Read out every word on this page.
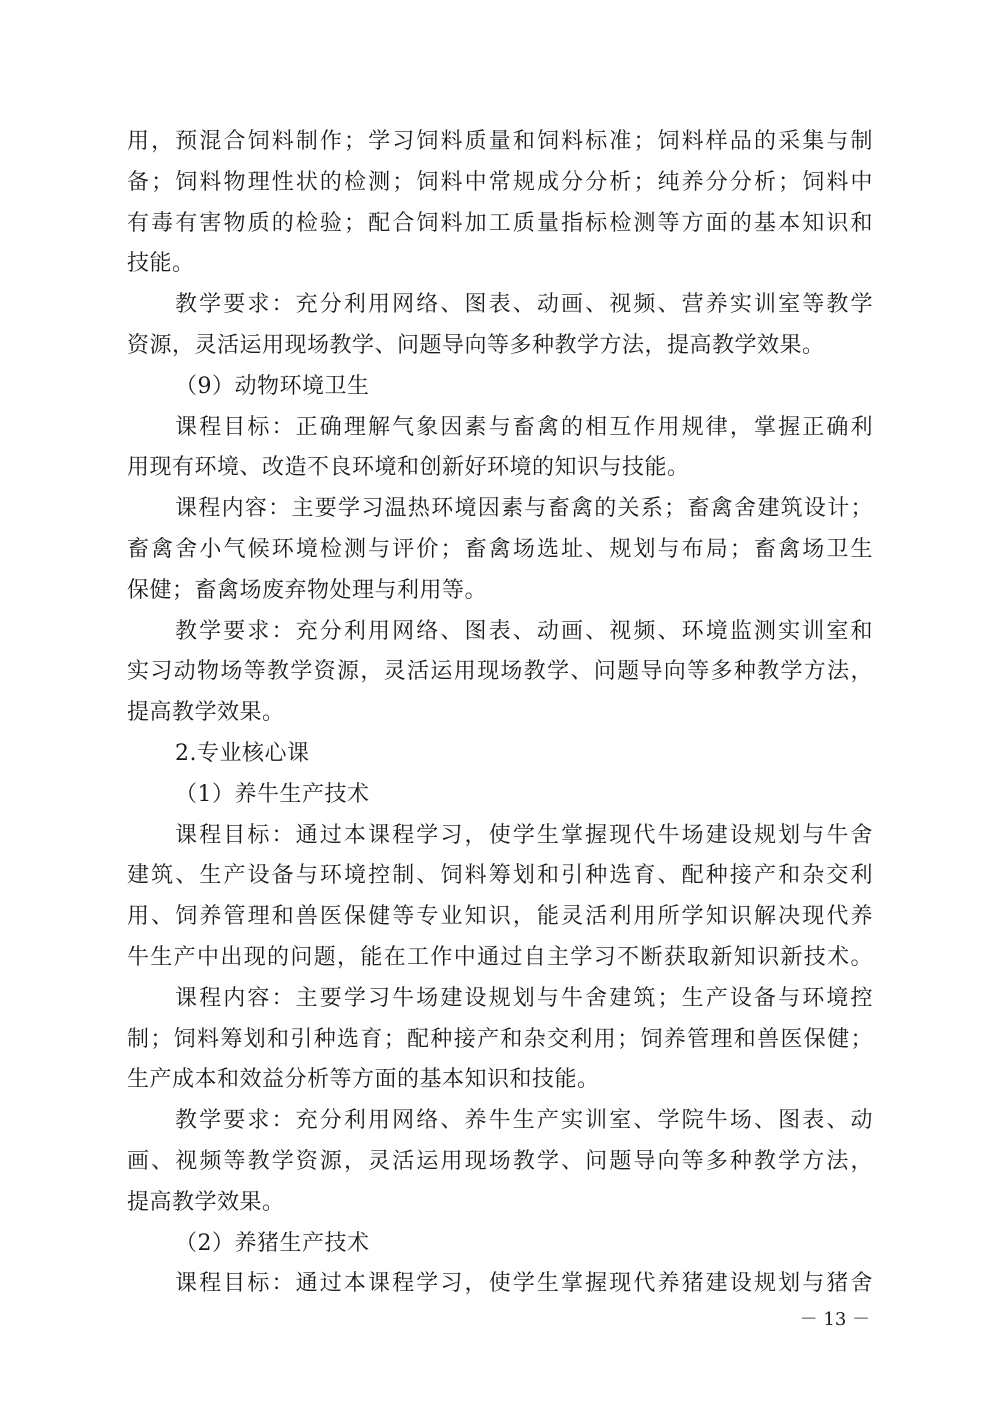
用，预混合饲料制作；学习饲料质量和饲料标准；饲料样品的采集与制
备；饲料物理性状的检测；饲料中常规成分分析；纯养分分析；饲料中
有毒有害物质的检验；配合饲料加工质量指标检测等方面的基本知识和
技能。
教学要求：充分利用网络、图表、动画、视频、营养实训室等教学
资源，灵活运用现场教学、问题导向等多种教学方法，提高教学效果。
（9）动物环境卫生
课程目标：正确理解气象因素与畜禽的相互作用规律，掌握正确利
用现有环境、改造不良环境和创新好环境的知识与技能。
课程内容：主要学习温热环境因素与畜禽的关系；畜禽舍建筑设计；
畜禽舍小气候环境检测与评价；畜禽场选址、规划与布局；畜禽场卫生
保健；畜禽场废弃物处理与利用等。
教学要求：充分利用网络、图表、动画、视频、环境监测实训室和
实习动物场等教学资源，灵活运用现场教学、问题导向等多种教学方法，
提高教学效果。
2.专业核心课
（1）养牛生产技术
课程目标：通过本课程学习，使学生掌握现代牛场建设规划与牛舍
建筑、生产设备与环境控制、饲料筹划和引种选育、配种接产和杂交利
用、饲养管理和兽医保健等专业知识，能灵活利用所学知识解决现代养
牛生产中出现的问题，能在工作中通过自主学习不断获取新知识新技术。
课程内容：主要学习牛场建设规划与牛舍建筑；生产设备与环境控
制；饲料筹划和引种选育；配种接产和杂交利用；饲养管理和兽医保健；
生产成本和效益分析等方面的基本知识和技能。
教学要求：充分利用网络、养牛生产实训室、学院牛场、图表、动
画、视频等教学资源，灵活运用现场教学、问题导向等多种教学方法，
提高教学效果。
（2）养猪生产技术
课程目标：通过本课程学习，使学生掌握现代养猪建设规划与猪舍
－ 13 －
